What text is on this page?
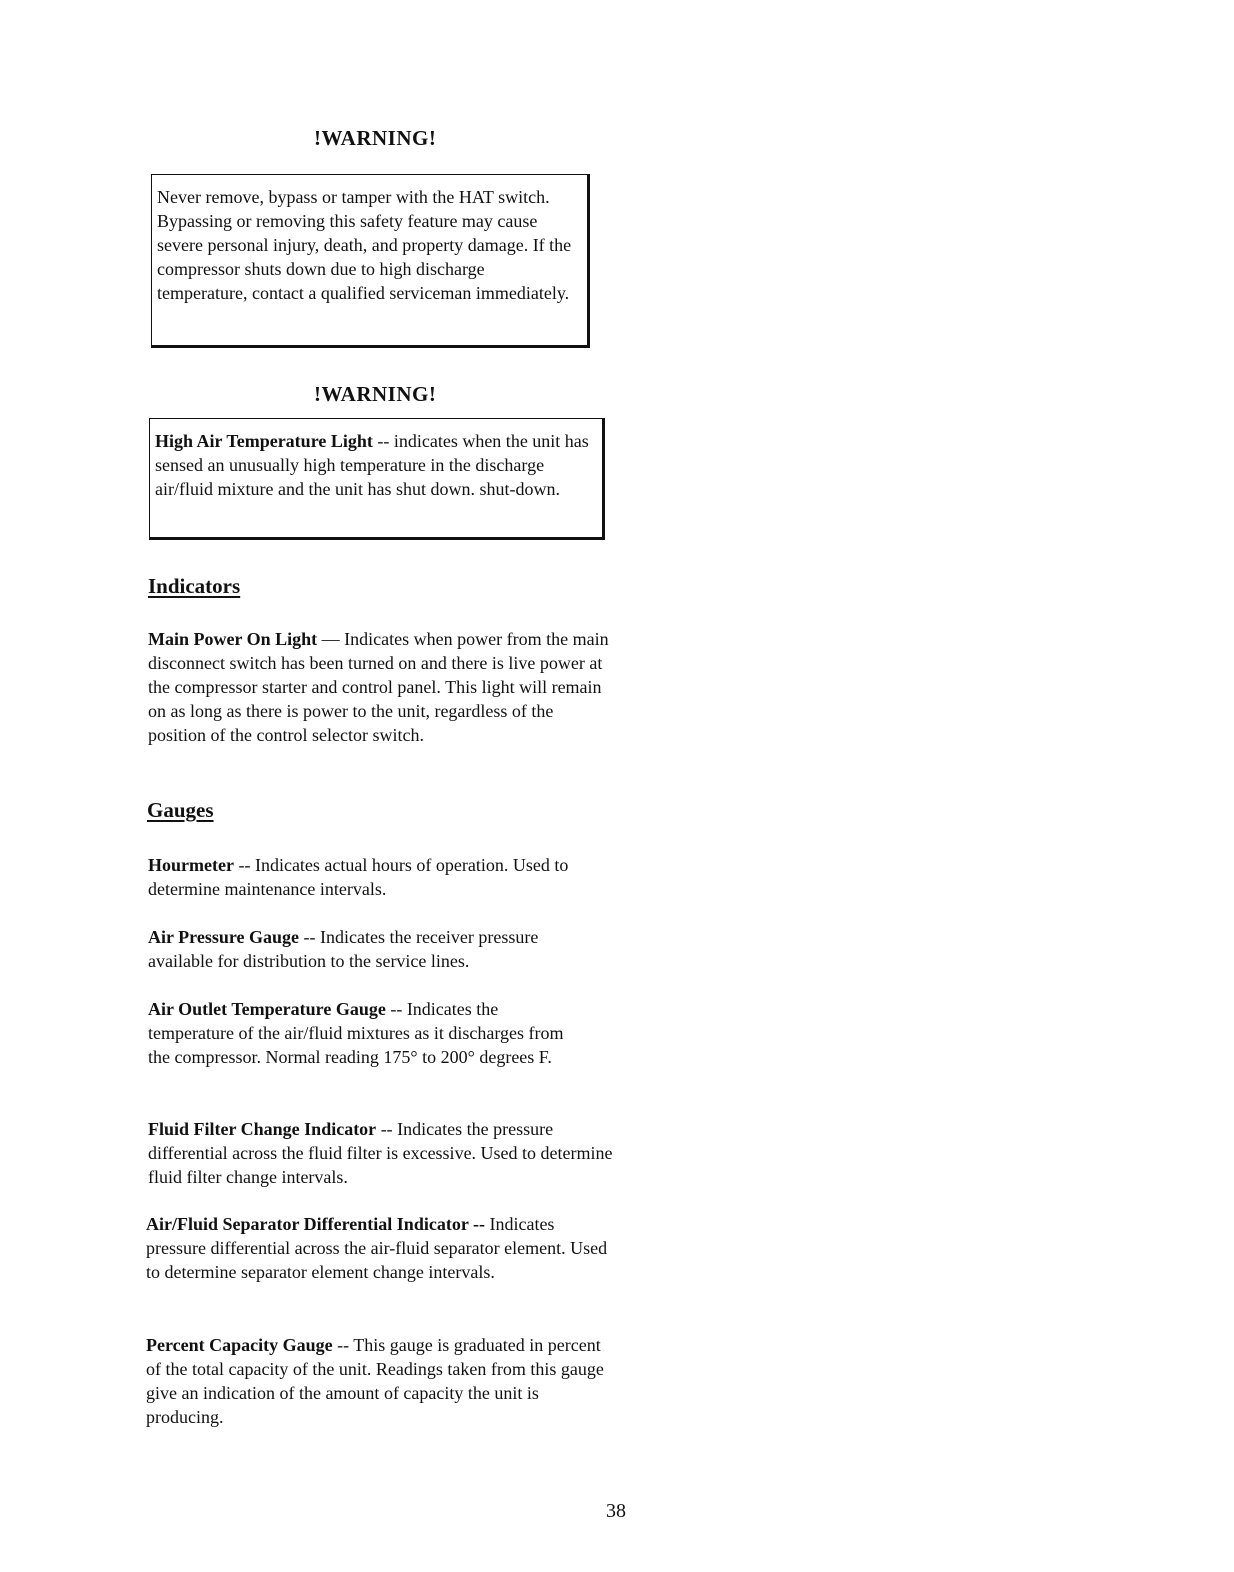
!WARNING!
Never remove, bypass or tamper with the HAT switch. Bypassing or removing this safety feature may cause severe personal injury, death, and property damage. If the compressor shuts down due to high discharge temperature, contact a qualified serviceman immediately.
!WARNING!
High Air Temperature Light -- indicates when the unit has sensed an unusually high temperature in the discharge air/fluid mixture and the unit has shut down. shut-down.
Indicators
Main Power On Light — Indicates when power from the main disconnect switch has been turned on and there is live power at the compressor starter and control panel. This light will remain on as long as there is power to the unit, regardless of the position of the control selector switch.
Gauges
Hourmeter -- Indicates actual hours of operation. Used to determine maintenance intervals.
Air Pressure Gauge -- Indicates the receiver pressure available for distribution to the service lines.
Air Outlet Temperature Gauge -- Indicates the temperature of the air/fluid mixtures as it discharges from the compressor. Normal reading 175° to 200° degrees F.
Fluid Filter Change Indicator -- Indicates the pressure differential across the fluid filter is excessive. Used to determine fluid filter change intervals.
Air/Fluid Separator Differential Indicator -- Indicates pressure differential across the air-fluid separator element. Used to determine separator element change intervals.
Percent Capacity Gauge -- This gauge is graduated in percent of the total capacity of the unit. Readings taken from this gauge give an indication of the amount of capacity the unit is producing.
38
